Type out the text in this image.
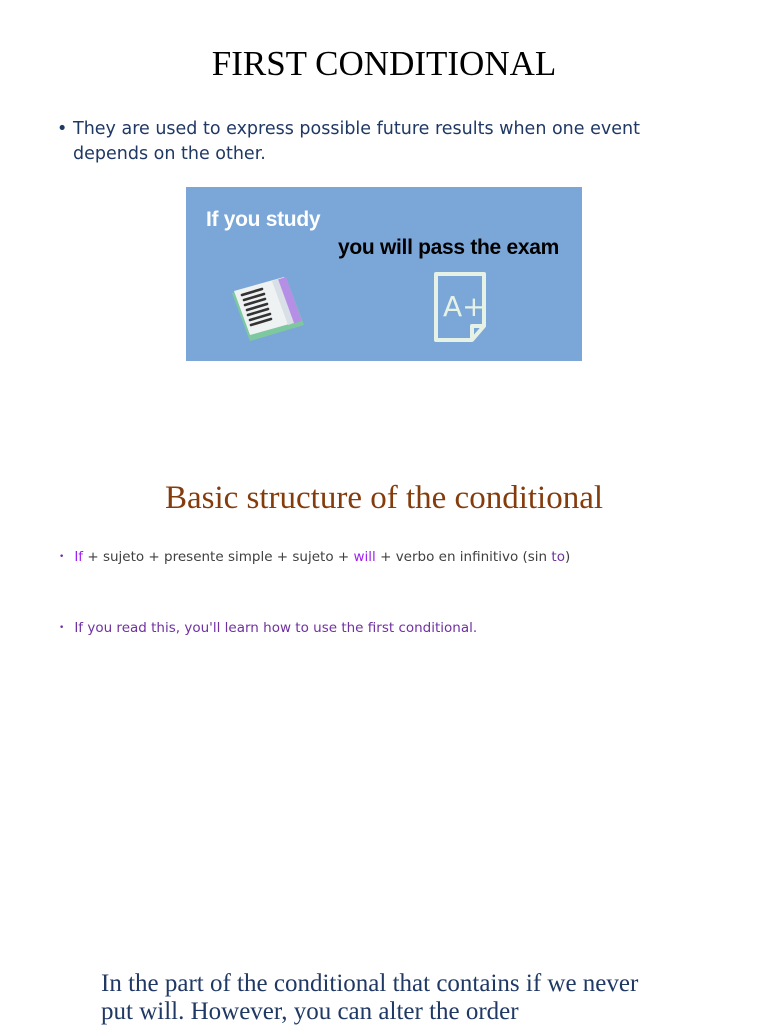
FIRST CONDITIONAL
• They are used to express possible future results when one event depends on the other.
If you study
you will pass the exam
A+
Basic structure of the conditional
• If + sujeto + presente simple + sujeto + will + verbo en infinitivo (sin to)
• If you read this, you'll learn how to use the first conditional.
In the part of the conditional that contains if we never put will. However, you can alter the order
